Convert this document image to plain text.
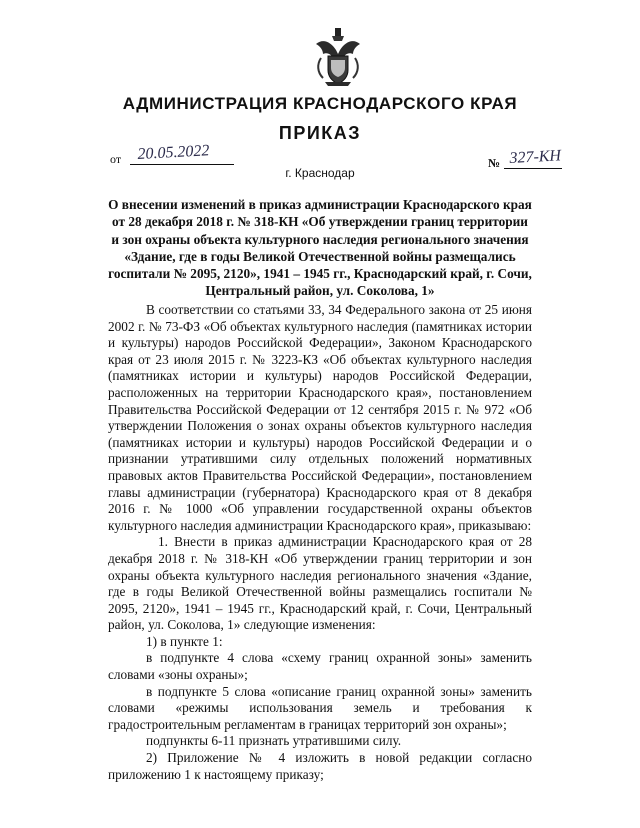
АДМИНИСТРАЦИЯ КРАСНОДАРСКОГО КРАЯ
ПРИКАЗ
от 20.05.2022
г. Краснодар
№ 327-КН
О внесении изменений в приказ администрации Краснодарского края от 28 декабря 2018 г. № 318-КН «Об утверждении границ территории и зон охраны объекта культурного наследия регионального значения «Здание, где в годы Великой Отечественной войны размещались госпитали № 2095, 2120», 1941 – 1945 гг., Краснодарский край, г. Сочи, Центральный район, ул. Соколова, 1»

В соответствии со статьями 33, 34 Федерального закона от 25 июня 2002 г. № 73-ФЗ «Об объектах культурного наследия (памятниках истории и культуры) народов Российской Федерации», Законом Краснодарского края от 23 июля 2015 г. № 3223-КЗ «Об объектах культурного наследия (памятниках истории и культуры) народов Российской Федерации, расположенных на территории Краснодарского края», постановлением Правительства Российской Федерации от 12 сентября 2015 г. № 972 «Об утверждении Положения о зонах охраны объектов культурного наследия (памятниках истории и культуры) народов Российской Федерации и о признании утратившими силу отдельных положений нормативных правовых актов Правительства Российской Федерации», постановлением главы администрации (губернатора) Краснодарского края от 8 декабря 2016 г. № 1000 «Об управлении государственной охраны объектов культурного наследия администрации Краснодарского края», приказываю:

1. Внести в приказ администрации Краснодарского края от 28 декабря 2018 г. № 318-КН «Об утверждении границ территории и зон охраны объекта культурного наследия регионального значения «Здание, где в годы Великой Отечественной войны размещались госпитали № 2095, 2120», 1941 – 1945 гг., Краснодарский край, г. Сочи, Центральный район, ул. Соколова, 1» следующие изменения:

1) в пункте 1:

в подпункте 4 слова «схему границ охранной зоны» заменить словами «зоны охраны»;

в подпункте 5 слова «описание границ охранной зоны» заменить словами «режимы использования земель и требования к градостроительным регламентам в границах территорий зон охраны»;

подпункты 6-11 признать утратившими силу.

2) Приложение № 4 изложить в новой редакции согласно приложению 1 к настоящему приказу;
